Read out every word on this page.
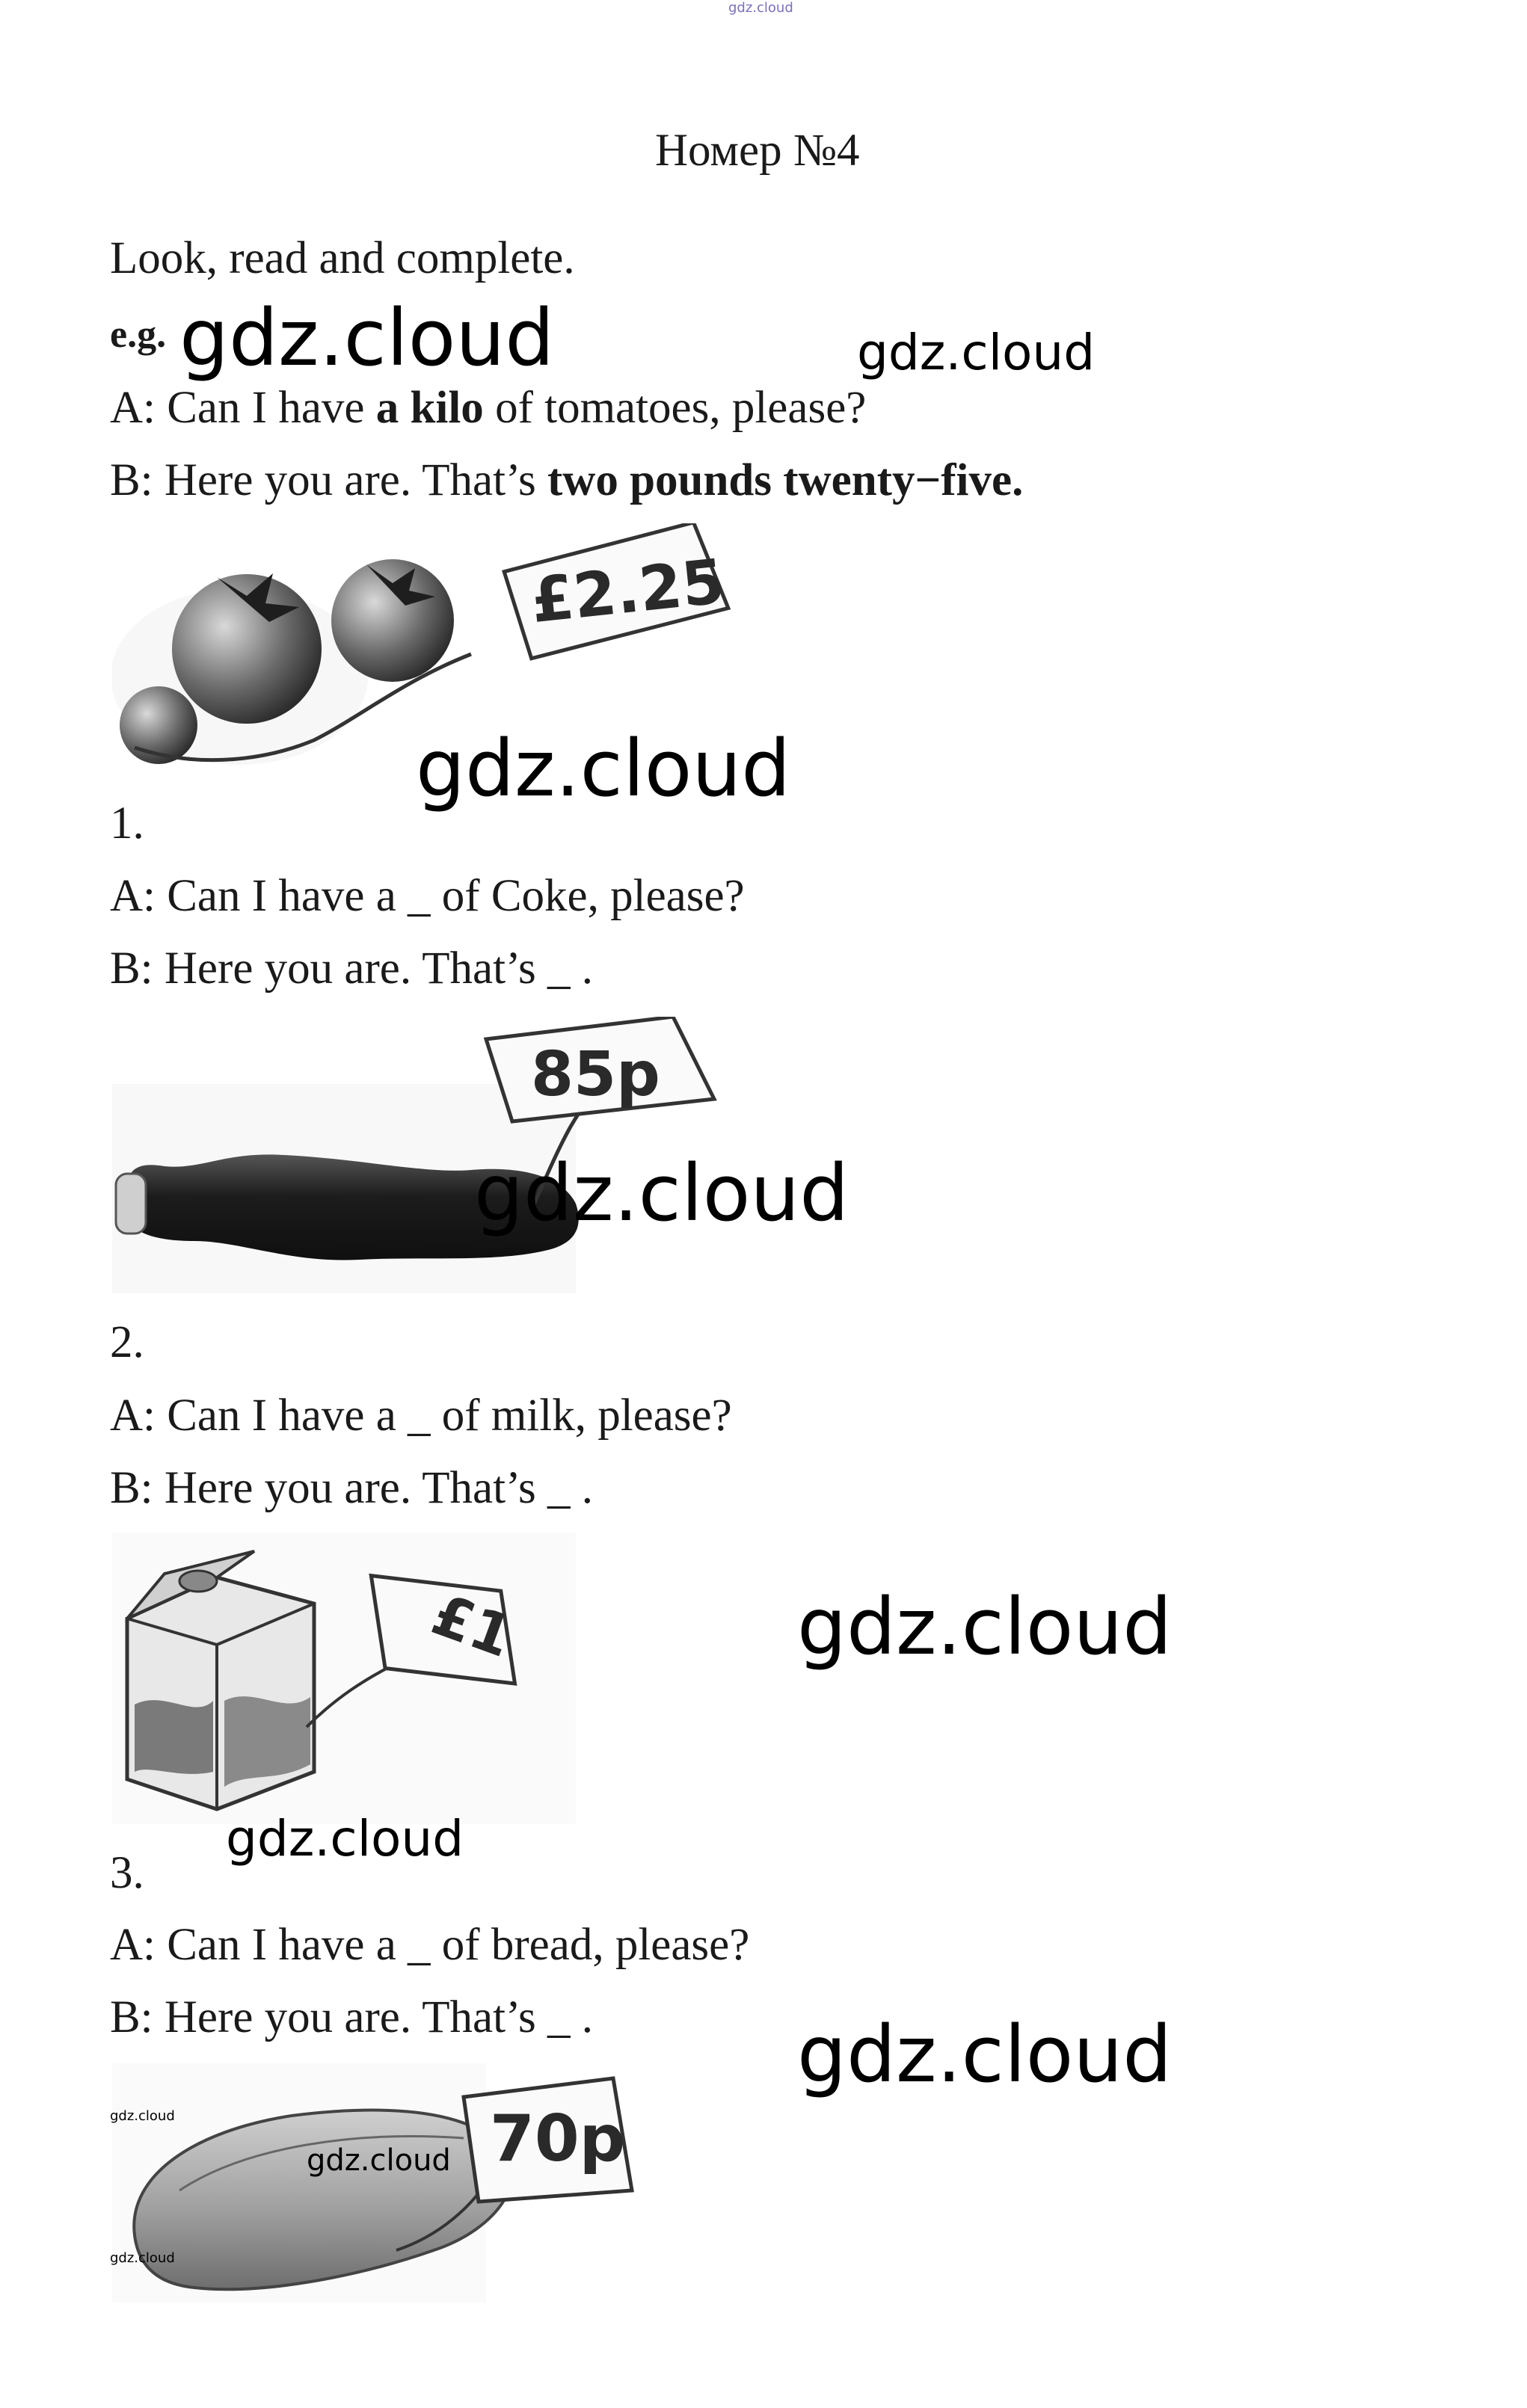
gdz.cloud
Номер №4
Look, read and complete.
e.g. gdz.cloud	gdz.cloud
A: Can I have a kilo of tomatoes, please?
B: Here you are. That’s two pounds twenty−five.
£2.25
gdz.cloud
1.
A: Can I have a _ of Coke, please?
B: Here you are. That’s _ .
85p
gdz.cloud
2.
A: Can I have a _ of milk, please?
B: Here you are. That’s _ .
£1	gdz.cloud
gdz.cloud
3.
A: Can I have a _ of bread, please?
B: Here you are. That’s _ .	gdz.cloud
70p
gdz.cloud
gdz.cloud
gdz.cloud
